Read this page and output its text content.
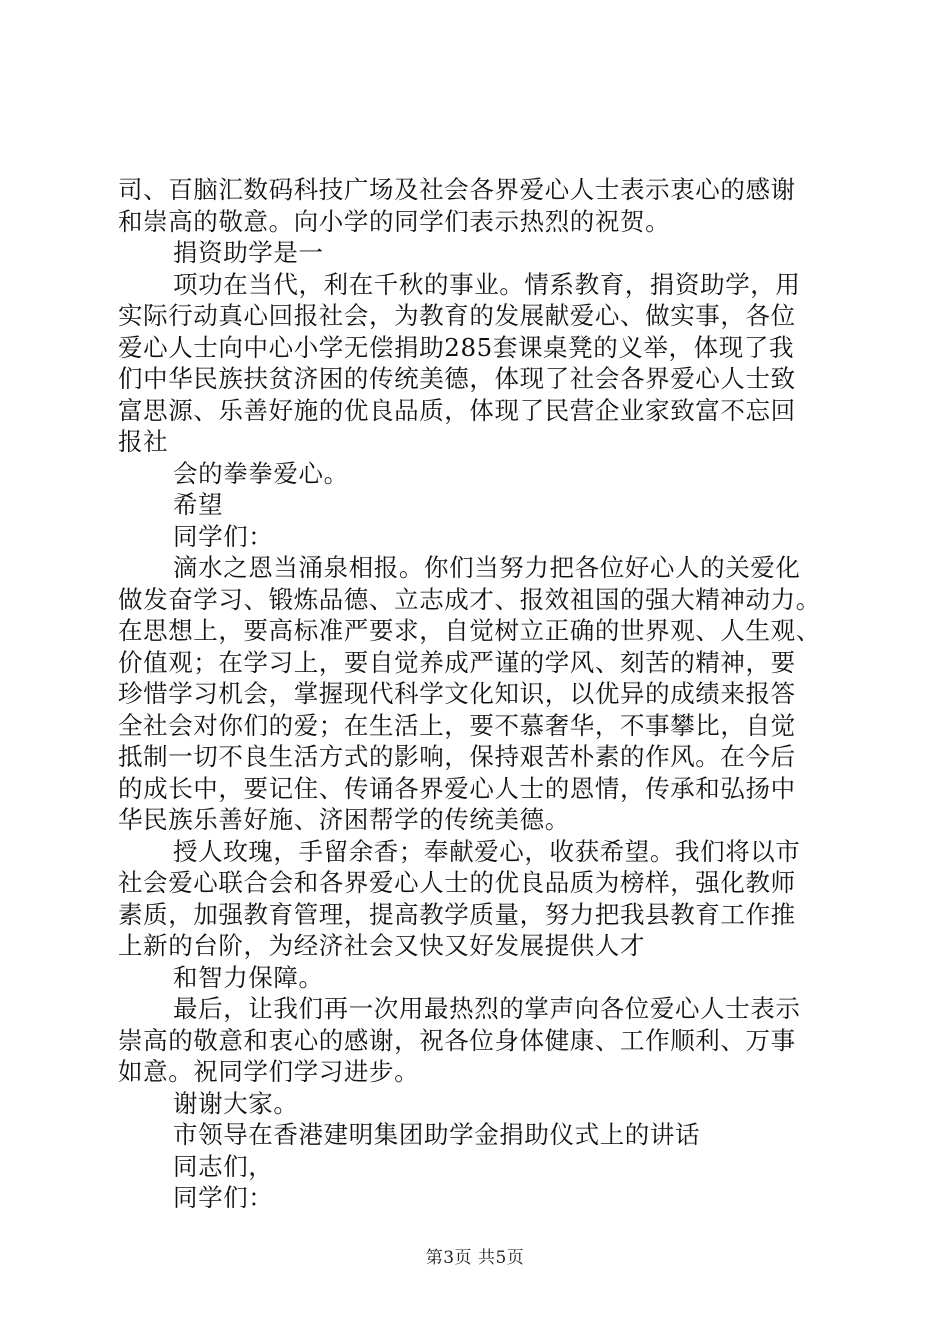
司、百脑汇数码科技广场及社会各界爱心人士表示衷心的感谢
和崇高的敬意。向小学的同学们表示热烈的祝贺。
捐资助学是一
项功在当代，利在千秋的事业。情系教育，捐资助学，用
实际行动真心回报社会，为教育的发展献爱心、做实事，各位
爱心人士向中心小学无偿捐助285套课桌凳的义举，体现了我
们中华民族扶贫济困的传统美德，体现了社会各界爱心人士致
富思源、乐善好施的优良品质，体现了民营企业家致富不忘回
报社
会的拳拳爱心。
希望
同学们：
滴水之恩当涌泉相报。你们当努力把各位好心人的关爱化
做发奋学习、锻炼品德、立志成才、报效祖国的强大精神动力。
在思想上，要高标准严要求，自觉树立正确的世界观、人生观、
价值观；在学习上，要自觉养成严谨的学风、刻苦的精神，要
珍惜学习机会，掌握现代科学文化知识，以优异的成绩来报答
全社会对你们的爱；在生活上，要不慕奢华，不事攀比，自觉
抵制一切不良生活方式的影响，保持艰苦朴素的作风。在今后
的成长中，要记住、传诵各界爱心人士的恩情，传承和弘扬中
华民族乐善好施、济困帮学的传统美德。
授人玫瑰，手留余香；奉献爱心，收获希望。我们将以市
社会爱心联合会和各界爱心人士的优良品质为榜样，强化教师
素质，加强教育管理，提高教学质量，努力把我县教育工作推
上新的台阶，为经济社会又快又好发展提供人才
和智力保障。
最后，让我们再一次用最热烈的掌声向各位爱心人士表示
崇高的敬意和衷心的感谢，祝各位身体健康、工作顺利、万事
如意。祝同学们学习进步。
谢谢大家。
市领导在香港建明集团助学金捐助仪式上的讲话
同志们，
同学们：
第3页 共5页
